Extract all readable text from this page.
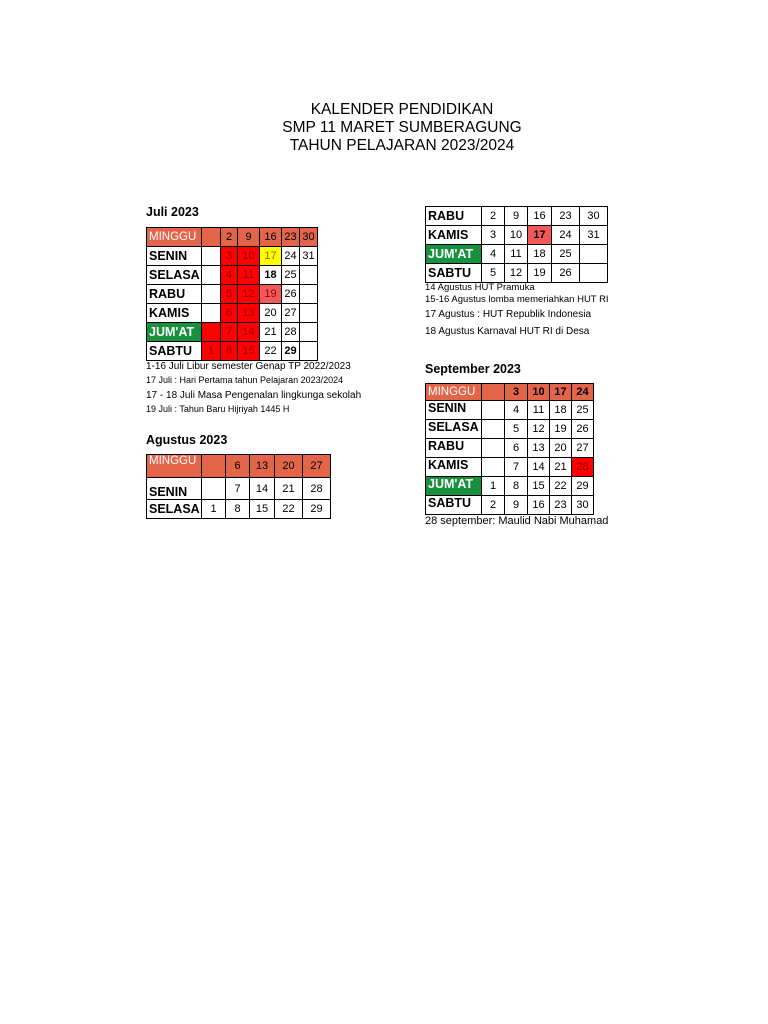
KALENDER PENDIDIKAN
SMP 11 MARET SUMBERAGUNG
TAHUN PELAJARAN 2023/2024
Juli 2023
MINGGU		2	9	16	23	30
SENIN		3	10	17	24	31
SELASA		4	11	18	25	
RABU		5	12	19	26	
KAMIS		6	13	20	27	
JUM'AT		7	14	21	28	
SABTU	1	8	15	22	29	
1-16 Juli Libur semester Genap TP 2022/2023
17 Juli : Hari Pertama tahun Pelajaran 2023/2024
17 - 18 Juli Masa Pengenalan lingkunga sekolah
19 Juli : Tahun Baru Hijriyah 1445 H
Agustus 2023
MINGGU		6	13	20	27
SENIN		7	14	21	28
SELASA	1	8	15	22	29
RABU	2	9	16	23	30
KAMIS	3	10	17	24	31
JUM'AT	4	11	18	25	
SABTU	5	12	19	26	
14 Agustus HUT Pramuka
15-16 Agustus lomba memeriahkan HUT RI
17 Agustus : HUT Republik Indonesia
18 Agustus Karnaval HUT RI di Desa
September 2023
MINGGU		3	10	17	24
SENIN		4	11	18	25
SELASA		5	12	19	26
RABU		6	13	20	27
KAMIS		7	14	21	28
JUM'AT	1	8	15	22	29
SABTU	2	9	16	23	30
28 september: Maulid Nabi Muhamad
